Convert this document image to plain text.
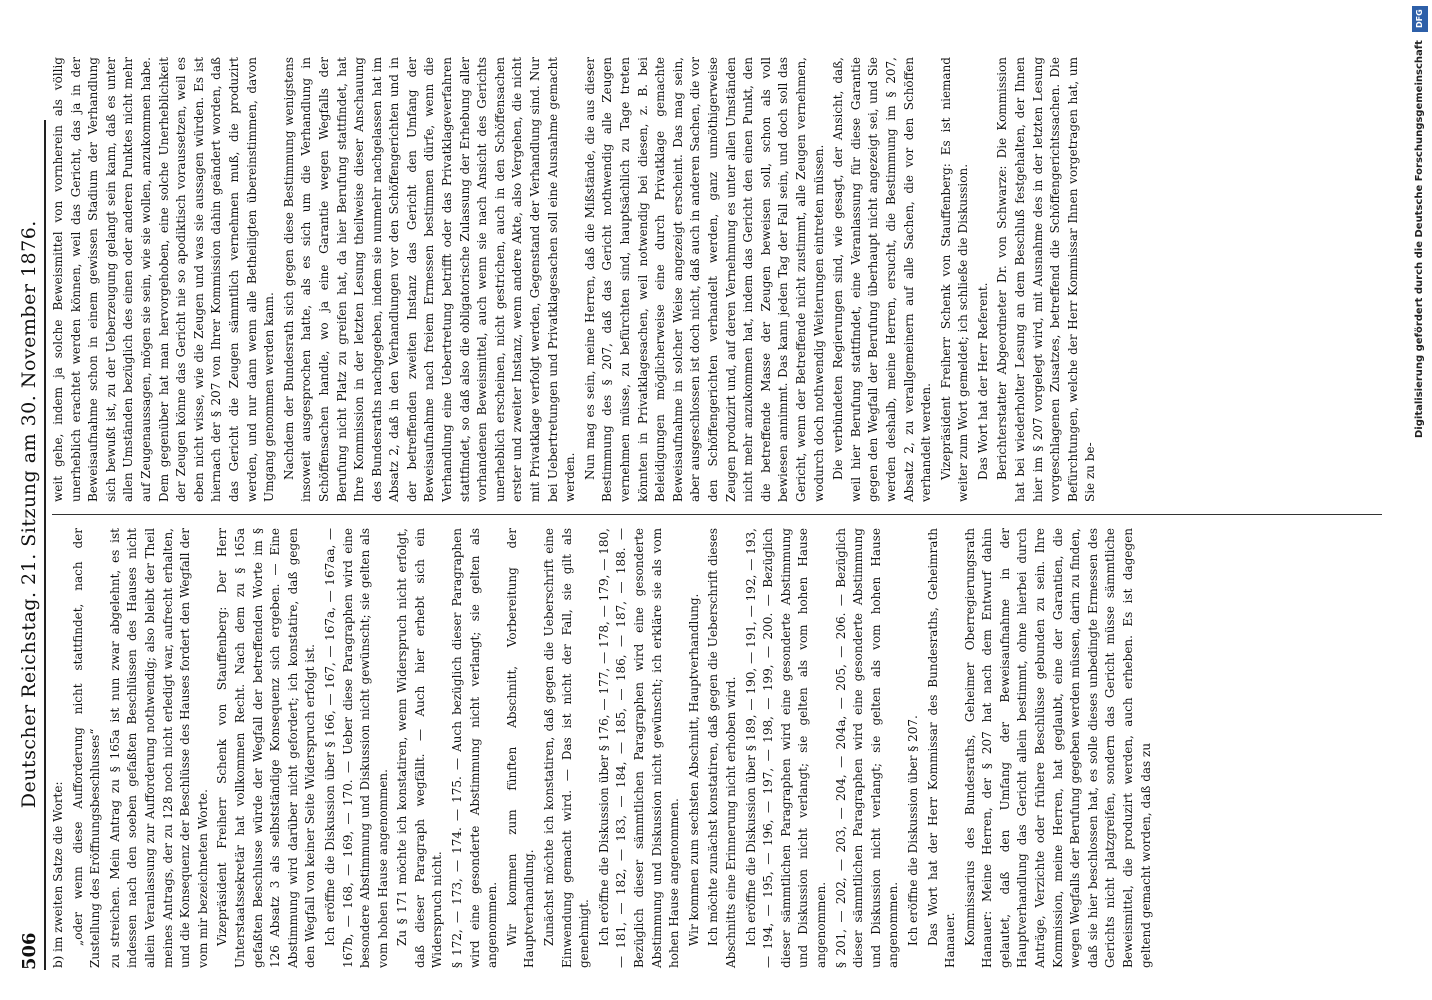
506
Deutscher Reichstag. 21. Sitzung am 30. November 1876.

b) im zweiten Satze die Worte: „oder wenn diese Aufforderung nicht stattfindet, nach der Zustellung des Eröffnungsbeschlusses“ zu streichen. Mein Antrag zu § 165a ist nun zwar abgelehnt, es ist indessen nach den soeben gefaßten Beschlüssen des Hauses nicht allein Veranlassung zur Aufforderung nothwendig; also bleibt der Theil meines Antrags, der zu 128 noch nicht erledigt war, aufrecht erhalten, und die Konsequenz der Beschlüsse des Hauses fordert den Wegfall der vom mir bezeichneten Worte. Vizepräsident Freiherr Schenk von Stauffenberg: Der Herr Unterstaatssekretär hat vollkommen Recht. Nach dem zu § 165a gefaßten Beschlusse würde der Wegfall der betreffenden Worte im § 126 Absatz 3 als selbstständige Konsequenz sich ergeben. — Eine Abstimmung wird darüber nicht gefordert; ich konstatire, daß gegen den Wegfall von keiner Seite Widerspruch erfolgt ist. Ich eröffne die Diskussion über § 166, — 167, — 167a, — 167aa, — 167b, — 168, — 169, — 170. — Ueber diese Paragraphen wird eine besondere Abstimmung und Diskussion nicht gewünscht; sie gelten als vom hohen Hause angenommen. Zu § 171 möchte ich konstatiren, wenn Widerspruch nicht erfolgt, daß dieser Paragraph wegfällt. — Auch hier erhebt sich ein Widerspruch nicht. § 172, — 173, — 174. — 175. — Auch bezüglich dieser Paragraphen wird eine gesonderte Abstimmung nicht verlangt; sie gelten als angenommen. Wir kommen zum fünften Abschnitt, Vorbereitung der Hauptverhandlung. Zunächst möchte ich konstatiren, daß gegen die Ueberschrift eine Einwendung gemacht wird. — Das ist nicht der Fall, sie gilt als genehmigt. Ich eröffne die Diskussion über § 176, — 177, — 178, — 179, — 180, — 181, — 182, — 183, — 184, — 185, — 186, — 187, — 188. — Bezüglich dieser sämmtlichen Paragraphen wird eine gesonderte Abstimmung und Diskussion nicht gewünscht; ich erkläre sie als vom hohen Hause angenommen. Wir kommen zum sechsten Abschnitt, Hauptverhandlung. Ich möchte zunächst konstatiren, daß gegen die Ueberschrift dieses Abschnitts eine Erinnerung nicht erhoben wird. Ich eröffne die Diskussion über § 189, — 190, — 191, — 192, — 193, — 194, — 195, — 196, — 197, — 198, — 199, — 200. — Bezüglich dieser sämmtlichen Paragraphen wird eine gesonderte Abstimmung und Diskussion nicht verlangt; sie gelten als vom hohen Hause angenommen. § 201, — 202, — 203, — 204, — 204a, — 205, — 206. — Bezüglich dieser sämmtlichen Paragraphen wird eine gesonderte Abstimmung und Diskussion nicht verlangt; sie gelten als vom hohen Hause angenommen. Ich eröffne die Diskussion über § 207. Das Wort hat der Herr Kommissar des Bundesraths, Geheimrath Hanauer. Kommissarius des Bundesraths, Geheimer Oberregierungsrath Hanauer: Meine Herren, der § 207 hat nach dem Entwurf dahin gelautet, daß den Umfang der Beweisaufnahme in der Hauptverhandlung das Gericht allein bestimmt, ohne hierbei durch Anträge, Verzichte oder frühere Beschlüsse gebunden zu sein. Ihre Kommission, meine Herren, hat geglaubt, eine der Garantien, die wegen Wegfalls der Berufung gegeben werden müssen, darin zu finden, daß sie hier beschlossen hat, es solle dieses unbedingte Ermessen des Gerichts nicht platzgreifen, sondern das Gericht müsse sämmtliche Beweismittel, die produzirt werden, auch erheben. Es ist dagegen geltend gemacht worden, daß das zu

weit gehe, indem ja solche Beweismittel von vornherein als völlig unerheblich erachtet werden können, weil das Gericht, das ja in der Beweisaufnahme schon in einem gewissen Stadium der Verhandlung sich bewußt ist, zu der Ueberzeugung gelangt sein kann, daß es unter allen Umständen bezüglich des einen oder anderen Punktes nicht mehr auf Zeugenaussagen, mögen sie sein, wie sie wollen, anzukommen habe. Dem gegenüber hat man hervorgehoben, eine solche Unerheblichkeit der Zeugen könne das Gericht nie so apodiktisch voraussetzen, weil es eben nicht wisse, wie die Zeugen und was sie aussagen würden. Es ist hiernach der § 207 von Ihrer Kommission dahin geändert worden, daß das Gericht die Zeugen sämmtlich vernehmen muß, die produzirt werden, und nur dann wenn alle Betheiligten übereinstimmen, davon Umgang genommen werden kann. Nachdem der Bundesrath sich gegen diese Bestimmung wenigstens insoweit ausgesprochen hatte, als es sich um die Verhandlung in Schöffensachen handle, wo ja eine Garantie wegen Wegfalls der Berufung nicht Platz zu greifen hat, da hier Berufung stattfindet, hat Ihre Kommission in der letzten Lesung theilweise dieser Anschauung des Bundesraths nachgegeben, indem sie nunmehr nachgelassen hat im Absatz 2, daß in den Verhandlungen vor den Schöffengerichten und in der betreffenden zweiten Instanz das Gericht den Umfang der Beweisaufnahme nach freiem Ermessen bestimmen dürfe, wenn die Verhandlung eine Uebertretung betrifft oder das Privatklageverfahren stattfindet, so daß also die obligatorische Zulassung der Erhebung aller vorhandenen Beweismittel, auch wenn sie nach Ansicht des Gerichts unerheblich erscheinen, nicht gestrichen, auch in den Schöffensachen erster und zweiter Instanz, wenn andere Akte, also Vergehen, die nicht mit Privatklage verfolgt werden, Gegenstand der Verhandlung sind. Nur bei Uebertretungen und Privatklagesachen soll eine Ausnahme gemacht werden. Nun mag es sein, meine Herren, daß die Mißstände, die aus dieser Bestimmung des § 207, daß das Gericht nothwendig alle Zeugen vernehmen müsse, zu befürchten sind, hauptsächlich zu Tage treten könnten in Privatklagesachen, weil notwendig bei diesen, z. B. bei Beleidigungen möglicherweise eine durch Privatklage gemachte Beweisaufnahme in solcher Weise angezeigt erscheint. Das mag sein, aber ausgeschlossen ist doch nicht, daß auch in anderen Sachen, die vor den Schöffengerichten verhandelt werden, ganz unnöthigerweise Zeugen produzirt und, auf deren Vernehmung es unter allen Umständen nicht mehr anzukommen hat, indem das Gericht den einen Punkt, den die betreffende Masse der Zeugen beweisen soll, schon als voll bewiesen annimmt. Das kann jeden Tag der Fall sein, und doch soll das Gericht, wenn der Betreffende nicht zustimmt, alle Zeugen vernehmen, wodurch doch nothwendig Weiterungen eintreten müssen. Die verbündeten Regierungen sind, wie gesagt, der Ansicht, daß, weil hier Berufung stattfindet, eine Veranlassung für diese Garantie gegen den Wegfall der Berufung überhaupt nicht angezeigt sei, und Sie werden deshalb, meine Herren, ersucht, die Bestimmung im § 207, Absatz 2, zu verallgemeinern auf alle Sachen, die vor den Schöffen verhandelt werden. Vizepräsident Freiherr Schenk von Stauffenberg: Es ist niemand weiter zum Wort gemeldet; ich schließe die Diskussion. Das Wort hat der Herr Referent. Berichterstatter Abgeordneter Dr. von Schwarze: Die Kommission hat bei wiederholter Lesung an dem Beschluß festgehalten, der Ihnen hier im § 207 vorgelegt wird, mit Ausnahme des in der letzten Lesung vorgeschlagenen Zusatzes, betreffend die Schöffengerichtssachen. Die Befürchtungen, welche der Herr Kommissar Ihnen vorgetragen hat, um Sie zu be-

DFG
Digitalisierung gefördert durch die Deutsche Forschungsgemeinschaft
